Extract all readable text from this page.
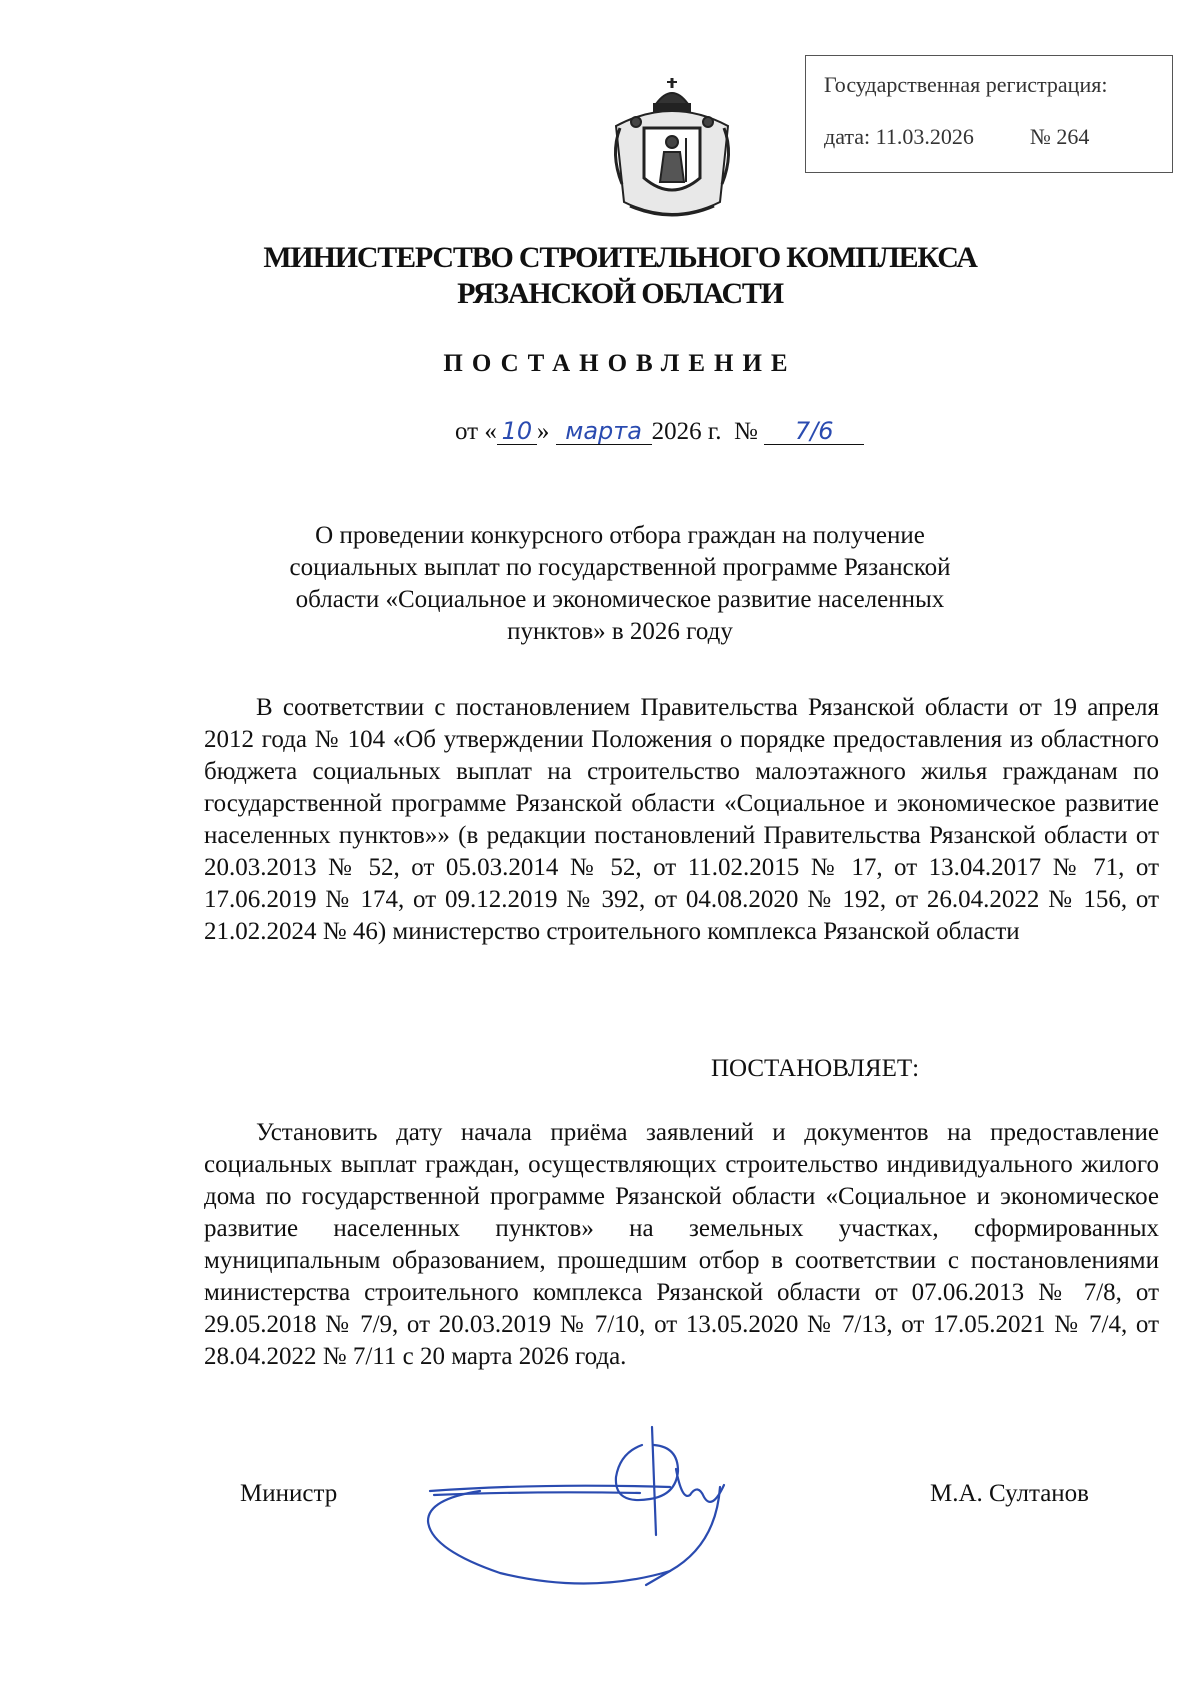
Государственная регистрация:
дата: 11.03.2026	№ 264
МИНИСТЕРСТВО СТРОИТЕЛЬНОГО КОМПЛЕКСА
РЯЗАНСКОЙ ОБЛАСТИ
ПОСТАНОВЛЕНИЕ
от « 10 » марта 2026 г. № 7/6
О проведении конкурсного отбора граждан на получение социальных выплат по государственной программе Рязанской области «Социальное и экономическое развитие населенных пунктов» в 2026 году
В соответствии с постановлением Правительства Рязанской области от 19 апреля 2012 года № 104 «Об утверждении Положения о порядке предоставления из областного бюджета социальных выплат на строительство малоэтажного жилья гражданам по государственной программе Рязанской области «Социальное и экономическое развитие населенных пунктов»» (в редакции постановлений Правительства Рязанской области от 20.03.2013 № 52, от 05.03.2014 № 52, от 11.02.2015 № 17, от 13.04.2017 № 71, от 17.06.2019 № 174, от 09.12.2019 № 392, от 04.08.2020 № 192, от 26.04.2022 № 156, от 21.02.2024 № 46) министерство строительного комплекса Рязанской области
ПОСТАНОВЛЯЕТ:
Установить дату начала приёма заявлений и документов на предоставление социальных выплат граждан, осуществляющих строительство индивидуального жилого дома по государственной программе Рязанской области «Социальное и экономическое развитие населенных пунктов» на земельных участках, сформированных муниципальным образованием, прошедшим отбор в соответствии с постановлениями министерства строительного комплекса Рязанской области от 07.06.2013 № 7/8, от 29.05.2018 № 7/9, от 20.03.2019 № 7/10, от 13.05.2020 № 7/13, от 17.05.2021 № 7/4, от 28.04.2022 № 7/11 с 20 марта 2026 года.
Министр	М.А. Султанов
